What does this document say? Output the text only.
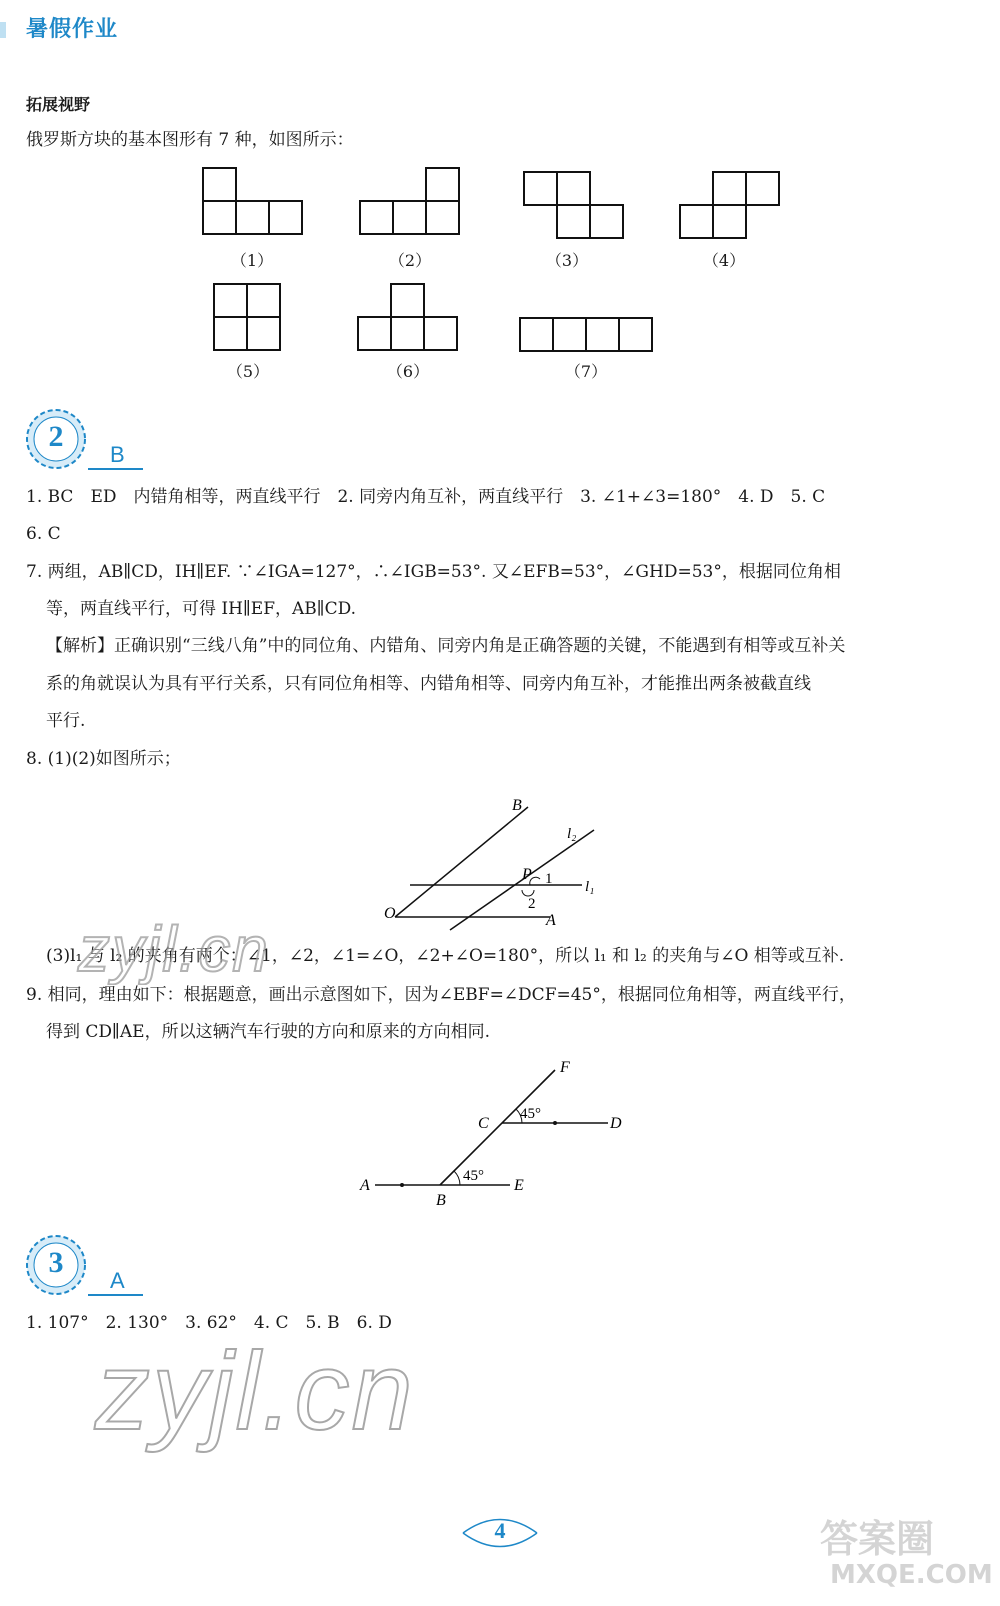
暑假作业
拓展视野
俄罗斯方块的基本图形有 7 种，如图所示：
（1）	（2）	（3）	（4）
（5）	（6）	（7）
2
B
1. BC　ED　内错角相等，两直线平行　2. 同旁内角互补，两直线平行　3. ∠1+∠3=180°　4. D　5. C
6. C
7. 两组，AB∥CD，IH∥EF. ∵∠IGA=127°，∴∠IGB=53°. 又∠EFB=53°，∠GHD=53°，根据同位角相
等，两直线平行，可得 IH∥EF，AB∥CD.
【解析】正确识别“三线八角”中的同位角、内错角、同旁内角是正确答题的关键，不能遇到有相等或互补关
系的角就误认为具有平行关系，只有同位角相等、内错角相等、同旁内角互补，才能推出两条被截直线
平行.
8. (1)(2)如图所示；
B
l₂
P 1 l₁
O
2
A
(3)l₁ 与 l₂ 的夹角有两个：∠1，∠2，∠1=∠O，∠2+∠O=180°，所以 l₁ 和 l₂ 的夹角与∠O 相等或互补.
9. 相同，理由如下：根据题意，画出示意图如下，因为∠EBF=∠DCF=45°，根据同位角相等，两直线平行，
得到 CD∥AE，所以这辆汽车行驶的方向和原来的方向相同.
F
C
45°
D
A
B
45°
E
3
A
1. 107°　2. 130°　3. 62°　4. C　5. B　6. D
zyjl.cn
zyjl.cn
答案圈
MXQE.COM
4
